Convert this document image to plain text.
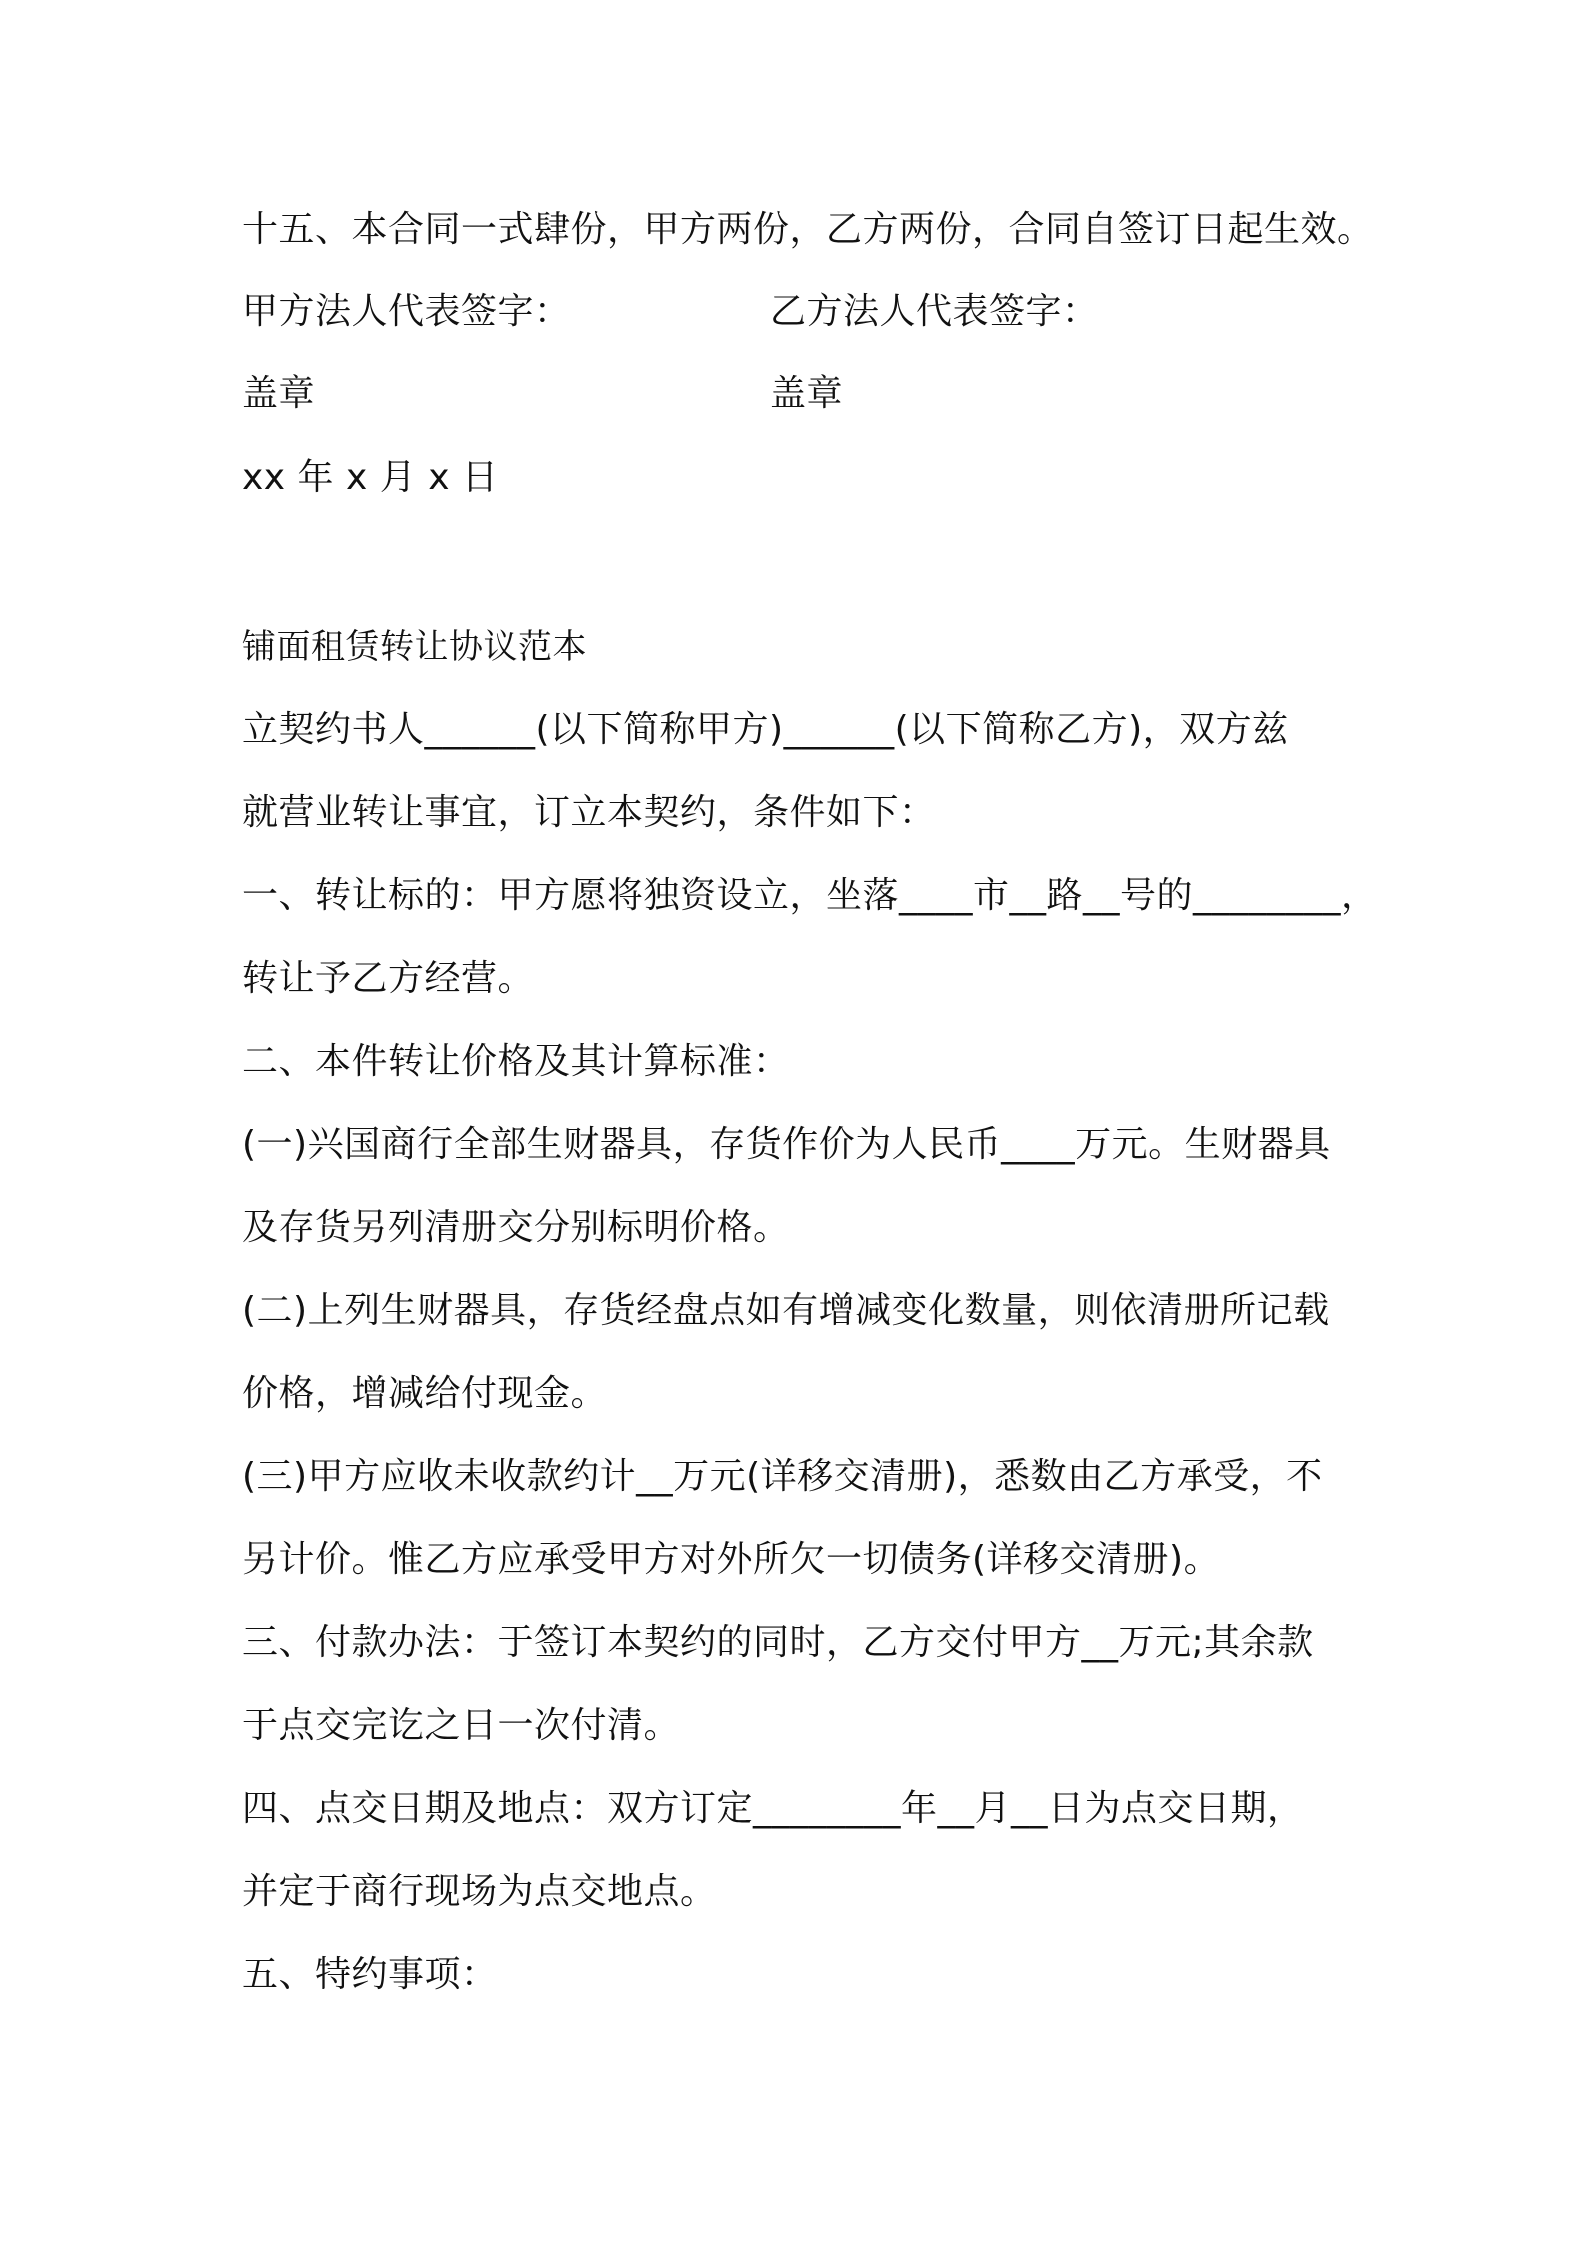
十五、本合同一式肆份，甲方两份，乙方两份，合同自签订日起生效。
甲方法人代表签字：	乙方法人代表签字：
盖章	盖章
xx 年 x 月 x 日
铺面租赁转让协议范本
立契约书人______(以下简称甲方)______(以下简称乙方)，双方兹
就营业转让事宜，订立本契约，条件如下：
一、转让标的：甲方愿将独资设立，坐落____市__路__号的________，
转让予乙方经营。
二、本件转让价格及其计算标准：
(一)兴国商行全部生财器具，存货作价为人民币____万元。生财器具
及存货另列清册交分别标明价格。
(二)上列生财器具，存货经盘点如有增减变化数量，则依清册所记载
价格，增减给付现金。
(三)甲方应收未收款约计__万元(详移交清册)，悉数由乙方承受，不
另计价。惟乙方应承受甲方对外所欠一切债务(详移交清册)。
三、付款办法：于签订本契约的同时，乙方交付甲方__万元;其余款
于点交完讫之日一次付清。
四、点交日期及地点：双方订定________年__月__日为点交日期，
并定于商行现场为点交地点。
五、特约事项：
